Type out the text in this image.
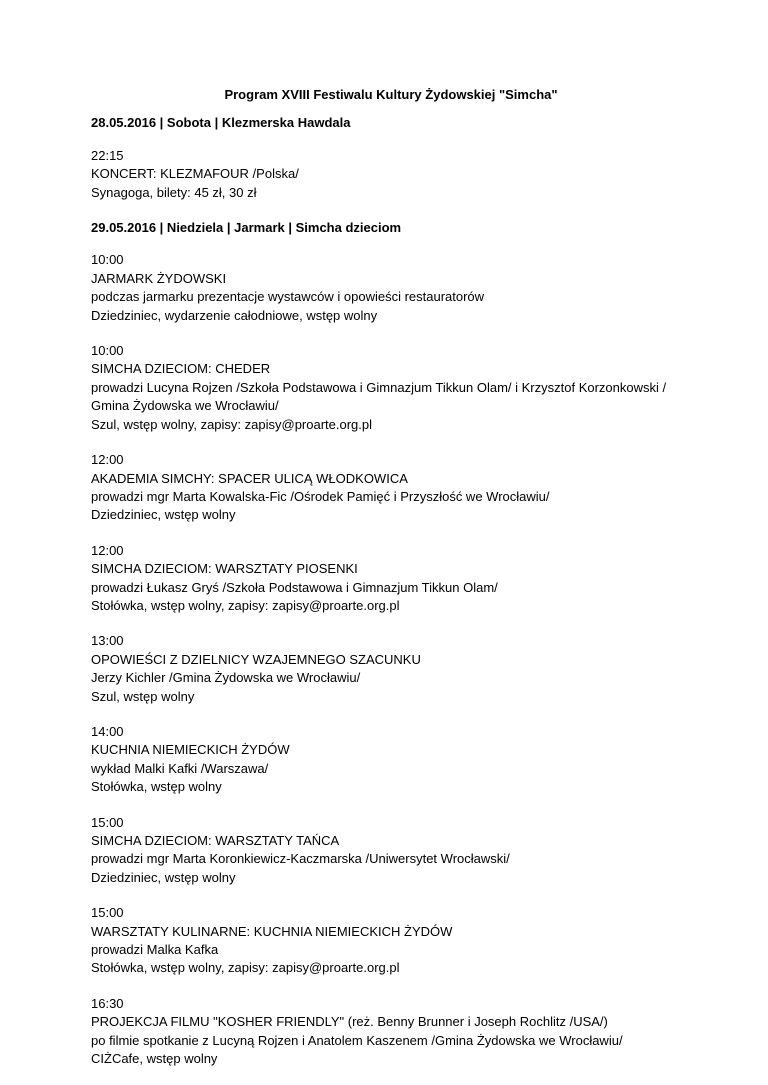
Program XVIII Festiwalu Kultury Żydowskiej "Simcha"
28.05.2016 | Sobota | Klezmerska Hawdala
22:15
KONCERT: KLEZMAFOUR /Polska/
Synagoga, bilety: 45 zł, 30 zł
29.05.2016 | Niedziela | Jarmark | Simcha dzieciom
10:00
JARMARK ŻYDOWSKI
podczas jarmarku prezentacje wystawców i opowieści restauratorów
Dziedziniec, wydarzenie całodniowe, wstęp wolny
10:00
SIMCHA DZIECIOM: CHEDER
prowadzi Lucyna Rojzen /Szkoła Podstawowa i Gimnazjum Tikkun Olam/ i Krzysztof Korzonkowski /
Gmina Żydowska we Wrocławiu/
Szul, wstęp wolny, zapisy: zapisy@proarte.org.pl
12:00
AKADEMIA SIMCHY: SPACER ULICĄ WŁODKOWICA
prowadzi mgr Marta Kowalska-Fic /Ośrodek Pamięć i Przyszłość we Wrocławiu/
Dziedziniec, wstęp wolny
12:00
SIMCHA DZIECIOM: WARSZTATY PIOSENKI
prowadzi Łukasz Gryś /Szkoła Podstawowa i Gimnazjum Tikkun Olam/
Stołówka, wstęp wolny, zapisy: zapisy@proarte.org.pl
13:00
OPOWIEŚCI Z DZIELNICY WZAJEMNEGO SZACUNKU
Jerzy Kichler /Gmina Żydowska we Wrocławiu/
Szul, wstęp wolny
14:00
KUCHNIA NIEMIECKICH ŻYDÓW
wykład Malki Kafki /Warszawa/
Stołówka, wstęp wolny
15:00
SIMCHA DZIECIOM: WARSZTATY TAŃCA
prowadzi mgr Marta Koronkiewicz-Kaczmarska /Uniwersytet Wrocławski/
Dziedziniec, wstęp wolny
15:00
WARSZTATY KULINARNE: KUCHNIA NIEMIECKICH ŻYDÓW
prowadzi Malka Kafka
Stołówka, wstęp wolny, zapisy: zapisy@proarte.org.pl
16:30
PROJEKCJA FILMU "KOSHER FRIENDLY" (reż. Benny Brunner i Joseph Rochlitz /USA/)
po filmie spotkanie z Lucyną Rojzen i Anatolem Kaszenem /Gmina Żydowska we Wrocławiu/
CIŻCafe, wstęp wolny
